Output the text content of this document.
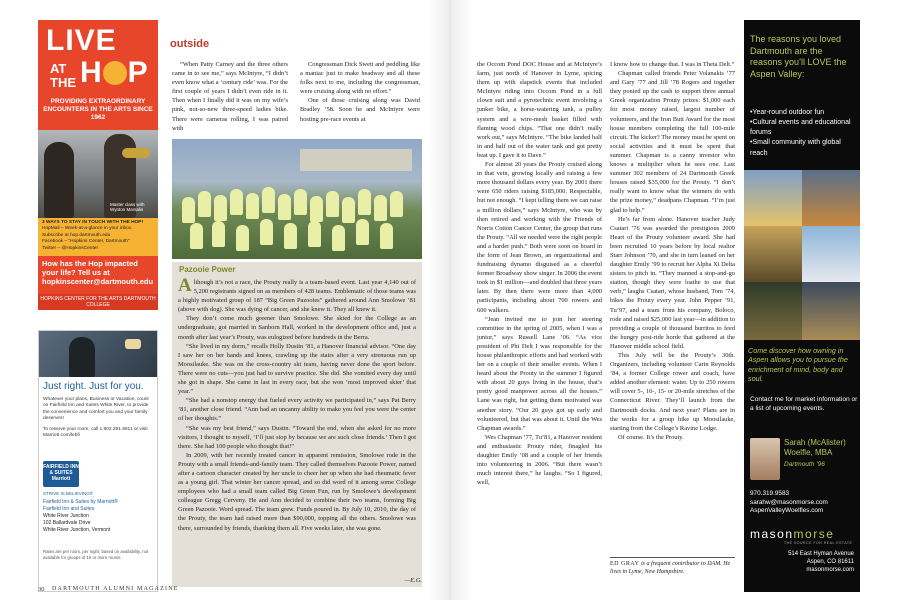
LIVE
AT
THE H P
PROVIDING EXTRAORDINARY ENCOUNTERS IN THE ARTS SINCE 1962
Master class with Wynton Marsalis
3 WAYS TO STAY IN TOUCH WITH THE HOP!
HopMail – Week-at-a-glance in your inbox. Subscribe at hop.dartmouth.edu
Facebook – "Hopkins Center, Dartmouth"
Twitter – @HopkinsCenter
How has the Hop impacted your life? Tell us at hopkinscenter@dartmouth.edu
HOPKINS CENTER FOR THE ARTS DARTMOUTH COLLEGE
Just right. Just for you.
Whatever your plans, Business or Vacation, count on Fairfield Inn and Suites White River, to provide the convenience and comfort you and your family deserves!
To reserve your room, call 1.802.291.9911 or visit Marriott.com/lebfi
FAIRFIELD INN & SUITES Marriott
STRIVE IS BELIEVING®
Fairfield Inn & Suites by Marriott®
Fairfield Inn and Suites
White River Junction
102 Ballardvale Drive
White River Junction, Vermont
Rates are per room, per night, based on availability, not available for groups of 10 or more rooms.
outside

“When Patty Carney and the three others came in to see me,” says McIntyre, “I didn’t even know what a ‘century ride’ was. For the first couple of years I didn’t even ride in it. Then when I finally did it was on my wife’s pink, not-so-new three-speed ladies bike. There were cameras rolling, I was paired with

Congressman Dick Swett and peddling like a maniac just to make headway and all these folks next to me, including the congressman, were cruising along with no effort.”

One of those cruising along was David Bradley ’58. Soon he and McIntyre were hosting pre-race events at

Pazooie Power

Although it’s not a race, the Prouty really is a team-based event. Last year 4,140 out of 5,200 registrants signed on as members of 428 teams. Emblematic of those teams was a highly motivated group of 187 “Big Green Pazooies” gathered around Ann Smolowe ’81 (above with dog). She was dying of cancer, and she knew it. They all knew it.

They don’t come much greener than Smolowe. She skied for the College as an undergraduate, got married in Sanborn Hall, worked in the development office and, just a month after last year’s Prouty, was eulogized before hundreds in the Berra.

“She lived in my dorm,” recalls Holly Dustin ’81, a Hanover financial advisor. “One day I saw her on her hands and knees, crawling up the stairs after a very strenuous run up Moosilauke. She was on the cross-country ski team, having never done the sport before. There were no cuts—you just had to survive practice. She did. She vomited every day until she got in shape. She came in last in every race, but she won ‘most improved skier’ that year.”

“She had a nonstop energy that fueled every activity we participated in,” says Pat Berry ’81, another close friend. “Ann had an uncanny ability to make you feel you were the center of her thoughts.”

“She was my best friend,” says Dustin. “Toward the end, when she asked for no more visitors, I thought to myself, ‘I’ll just stop by because we are such close friends.’ Then I got there. She had 100 people who thought that!”

In 2009, with her recently treated cancer in apparent remission, Smolowe rode in the Prouty with a small friends-and-family team. They called themselves Pazooie Power, named after a cartoon character created by her uncle to cheer her up when she had rheumatic fever as a young girl. That winter her cancer spread, and so did word of it among some College employees who had a small team called Big Green Fun, run by Smolowe’s development colleague Gregg Cerveny. He and Ann decided to combine their two teams, forming Big Green Pazooie. Word spread. The team grew. Funds poured in. By July 10, 2010, the day of the Prouty, the team had raised more than $90,000, topping all the others. Smolowe was there, surrounded by friends, thanking them all. Five weeks later, she was gone.

—E.G.
30 DARTMOUTH ALUMNI MAGAZINE

the Occom Pond DOC House and at McIntyre’s farm, just north of Hanover in Lyme, spicing them up with slapstick events that included McIntyre riding into Occom Pond in a full clown suit and a pyrotechnic event involving a junker bike, a horse-watering tank, a pulley system and a wire-mesh basket filled with flaming wood chips. “That one didn’t really work out,” says McIntyre. “The bike landed half in and half out of the water tank and got pretty beat up. I gave it to Dave.”

For almost 20 years the Prouty cruised along in that vein, growing locally and raising a few more thousand dollars every year. By 2001 there were 650 riders raising $185,000. Respectable, but not enough. “I kept telling them we can raise a million dollars,” says McIntyre, who was by then retired and working with the Friends of Norris Cotton Cancer Center, the group that runs the Prouty. “All we needed were the right people and a harder push.” Both were soon on board in the form of Jean Brown, an organizational and fundraising dynamo disguised as a cheerful former Broadway show singer. In 2006 the event took in $1 million—and doubled that three years later. By then there were more than 4,000 participants, including about 700 rowers and 600 walkers.

“Jean invited me to join her steering committee in the spring of 2005, when I was a junior,” says Russell Lane ’06. “As vice president of Phi Delt I was responsible for the house philanthropic efforts and had worked with her on a couple of their smaller events. When I heard about the Prouty in the summer I figured with about 20 guys living in the house, that’s pretty good manpower across all the houses.” Lane was right, but getting them motivated was another story. “Our 20 guys got up early and volunteered, but that was about it. Until the Wes Chapman awards.”

Wes Chapman ’77, Tu’81, a Hanover resident and enthusiastic Prouty rider, finagled his daughter Emily ’08 and a couple of her friends into volunteering in 2006. “But there wasn’t much interest there,” he laughs. “So I figured, well,

I know how to change that. I was in Theta Delt.”

Chapman called friends Peter Volanakis ’77 and Gary ’77 and Jill ’78 Rogers and together they ponied up the cash to support three annual Greek organization Prouty prizes: $1,000 each for most money raised, largest number of volunteers, and the Iron Butt Award for the most house members completing the full 100-mile circuit. The kicker? The money must be spent on social activities and it must be spent that summer. Chapman is a canny investor who knows a multiplier when he sees one. Last summer 302 members of 24 Dartmouth Greek houses raised $35,000 for the Prouty. “I don’t really want to know what the winners do with the prize money,” deadpans Chapman. “I’m just glad to help.”

He’s far from alone. Hanover teacher Judy Csatari ’76 was awarded the prestigious 2009 Heart of the Prouty volunteer award. She had been recruited 10 years before by local realtor Starr Johnson ’70, and she in turn leaned on her daughter Emily ’99 to recruit her Alpha Xi Delta sisters to pitch in. “They manned a stop-and-go station, though they were loathe to use that verb,” laughs Csatari, whose husband, Tom ’74, bikes the Prouty every year. John Pepper ’91, Tu’97, and a team from his company, Boloco, rode and raised $25,000 last year—in addition to providing a couple of thousand burritos to feed the hungry post-ride horde that gathered at the Hanover middle school field.

This July will be the Prouty’s 30th. Organizers, including volunteer Carin Reynolds ’84, a former College rower and coach, have added another element: water. Up to 250 rowers will cover 5-, 10-, 15- or 20-mile stretches of the Connecticut River. They’ll launch from the Dartmouth docks. And next year? Plans are in the works for a group hike up Moosilauke, starting from the College’s Ravine Lodge.

Of course. It’s the Prouty.

ED GRAY is a frequent contributor to DAM. He lives in Lyme, New Hampshire.
The reasons you loved Dartmouth are the reasons you’ll LOVE the Aspen Valley:
• Year-round outdoor fun
• Cultural events and educational forums
• Small community with global reach
Come discover how owning in Aspen allows you to pursue the enrichment of mind, body and soul.
Contact me for market information or a list of upcoming events.
Sarah (McAlister) Woelfle, MBA
Dartmouth ’96
970.319.9583
sarahw@masonmorse.com
AspenValleyWoelfles.com
masonmorse
THE SOURCE FOR REAL ESTATE
514 East Hyman Avenue
Aspen, CO 81611
masonmorse.com
